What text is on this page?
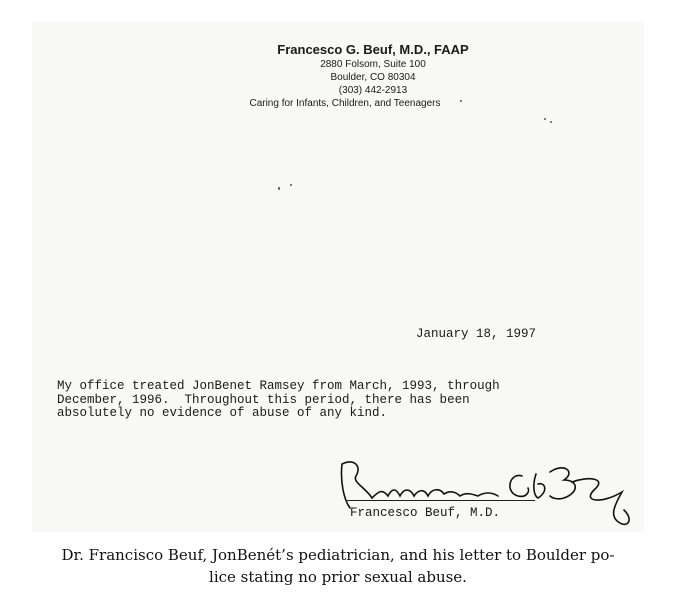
Francesco G. Beuf, M.D., FAAP
2880 Folsom, Suite 100
Boulder, CO 80304
(303) 442-2913
Caring for Infants, Children, and Teenagers
January 18, 1997
My office treated JonBenet Ramsey from March, 1993, through
December, 1996.  Throughout this period, there has been
absolutely no evidence of abuse of any kind.
Francesco Beuf, M.D.
Dr. Francisco Beuf, JonBenét’s pediatrician, and his letter to Boulder po-
lice stating no prior sexual abuse.
